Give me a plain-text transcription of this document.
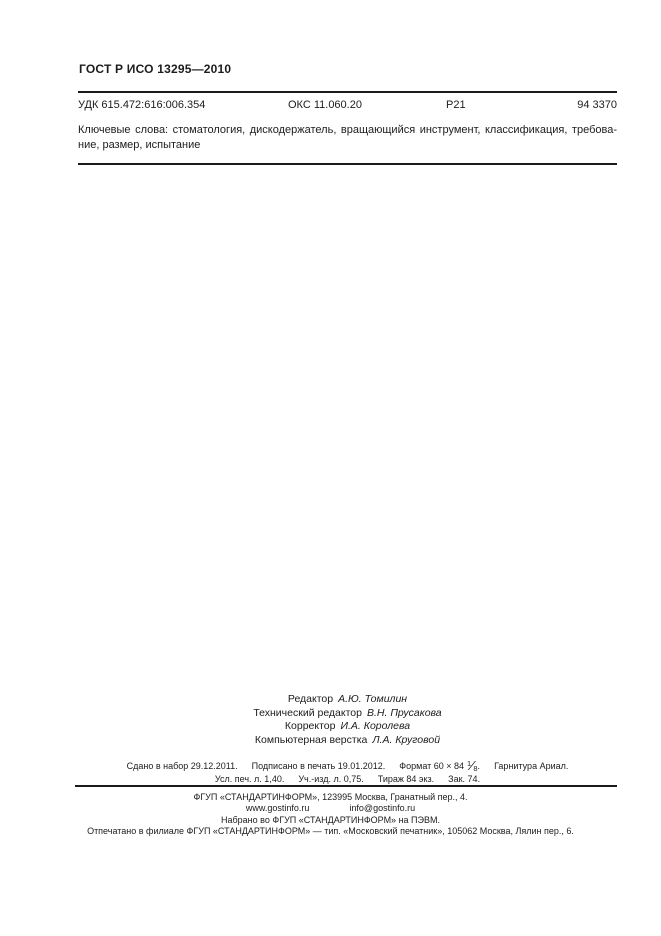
ГОСТ Р ИСО 13295—2010
УДК 615.472:616:006.354	ОКС 11.060.20	Р21	94 3370
Ключевые слова: стоматология, дискодержатель, вращающийся инструмент, классификация, требова-
ние, размер, испытание
Редактор А.Ю. Томилин
Технический редактор В.Н. Прусакова
Корректор И.А. Королева
Компьютерная верстка Л.А. Круговой
Сдано в набор 29.12.2011. Подписано в печать 19.01.2012. Формат 60 × 84 1 ⁄ 8 . Гарнитура Ариал.
Усл. печ. л. 1,40. Уч.-изд. л. 0,75. Тираж 84 экз. Зак. 74.
ФГУП «СТАНДАРТИНФОРМ», 123995 Москва, Гранатный пер., 4.
www.gostinfo.ru	info@gostinfo.ru
Набрано во ФГУП «СТАНДАРТИНФОРМ» на ПЭВМ.
Отпечатано в филиале ФГУП «СТАНДАРТИНФОРМ» — тип. «Московский печатник», 105062 Москва, Лялин пер., 6.
